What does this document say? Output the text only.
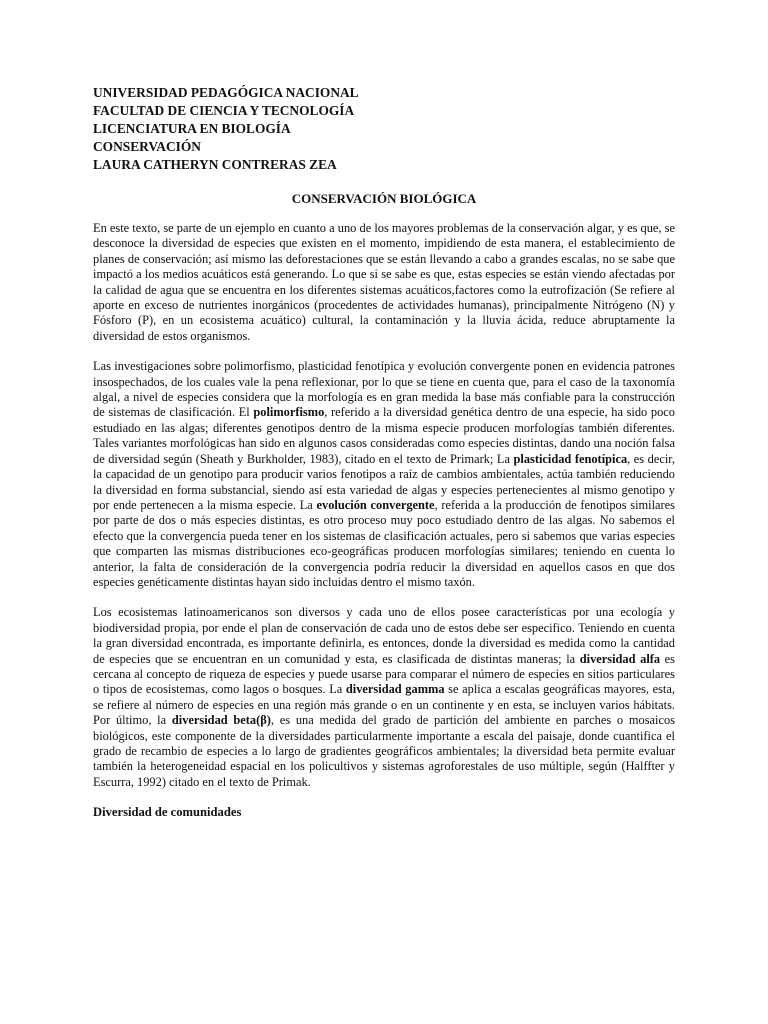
UNIVERSIDAD PEDAGÓGICA NACIONAL
FACULTAD DE CIENCIA Y TECNOLOGÍA
LICENCIATURA EN BIOLOGÍA
CONSERVACIÓN
LAURA CATHERYN CONTRERAS ZEA
CONSERVACIÓN BIOLÓGICA
En este texto, se parte de un ejemplo en cuanto a uno de los mayores problemas de la conservación algar, y es que, se desconoce la diversidad de especies que existen en el momento, impidiendo de esta manera, el establecimiento de planes de conservación; así mismo las deforestaciones que se están llevando a cabo a grandes escalas, no se sabe que impactó a los medios acuáticos está generando. Lo que si se sabe es que, estas especies se están viendo afectadas por la calidad de agua que se encuentra en los diferentes sistemas acuáticos,factores como la eutrofización (Se refiere al aporte en exceso de nutrientes inorgánicos (procedentes de actividades humanas), principalmente Nitrógeno (N) y Fósforo (P), en un ecosistema acuático) cultural, la contaminación y la lluvia ácida, reduce abruptamente la diversidad de estos organismos.
Las investigaciones sobre polimorfismo, plasticidad fenotípica y evolución convergente ponen en evidencia patrones insospechados, de los cuales vale la pena reflexionar, por lo que se tiene en cuenta que, para el caso de la taxonomía algal, a nivel de especies considera que la morfología es en gran medida la base más confiable para la construcción de sistemas de clasificación. El polimorfismo, referido a la diversidad genética dentro de una especie, ha sido poco estudiado en las algas; diferentes genotipos dentro de la misma especie producen morfologías también diferentes. Tales variantes morfológicas han sido en algunos casos consideradas como especies distintas, dando una noción falsa de diversidad según (Sheath y Burkholder, 1983), citado en el texto de Primark; La plasticidad fenotípica, es decir, la capacidad de un genotipo para producir varios fenotipos a raíz de cambios ambientales, actúa también reduciendo la diversidad en forma substancial, siendo así esta variedad de algas y especies pertenecientes al mismo genotipo y por ende pertenecen a la misma especie. La evolución convergente, referida a la producción de fenotipos similares por parte de dos o más especies distintas, es otro proceso muy poco estudiado dentro de las algas. No sabemos el efecto que la convergencia pueda tener en los sistemas de clasificación actuales, pero si sabemos que varias especies que comparten las mismas distribuciones eco-geográficas producen morfologías similares; teniendo en cuenta lo anterior, la falta de consideración de la convergencia podría reducir la diversidad en aquellos casos en que dos especies genéticamente distintas hayan sido incluidas dentro el mismo taxón.
Los ecosistemas latinoamericanos son diversos y cada uno de ellos posee características por una ecología y biodiversidad propia, por ende el plan de conservación de cada uno de estos debe ser especifico. Teniendo en cuenta la gran diversidad encontrada, es importante definirla, es entonces, donde la diversidad es medida como la cantidad de especies que se encuentran en un comunidad y esta, es clasificada de distintas maneras; la diversidad alfa es cercana al concepto de riqueza de especies y puede usarse para comparar el número de especies en sitios particulares o tipos de ecosistemas, como lagos o bosques. La diversidad gamma se aplica a escalas geográficas mayores, esta, se refiere al número de especies en una región más grande o en un continente y en esta, se incluyen varios hábitats. Por último, la diversidad beta(β), es una medida del grado de partición del ambiente en parches o mosaicos biológicos, este componente de la diversidades particularmente importante a escala del paisaje, donde cuantifica el grado de recambio de especies a lo largo de gradientes geográficos ambientales; la diversidad beta permite evaluar también la heterogeneidad espacial en los policultivos y sistemas agroforestales de uso múltiple, según (Halffter y Escurra, 1992) citado en el texto de Primak.
Diversidad de comunidades
